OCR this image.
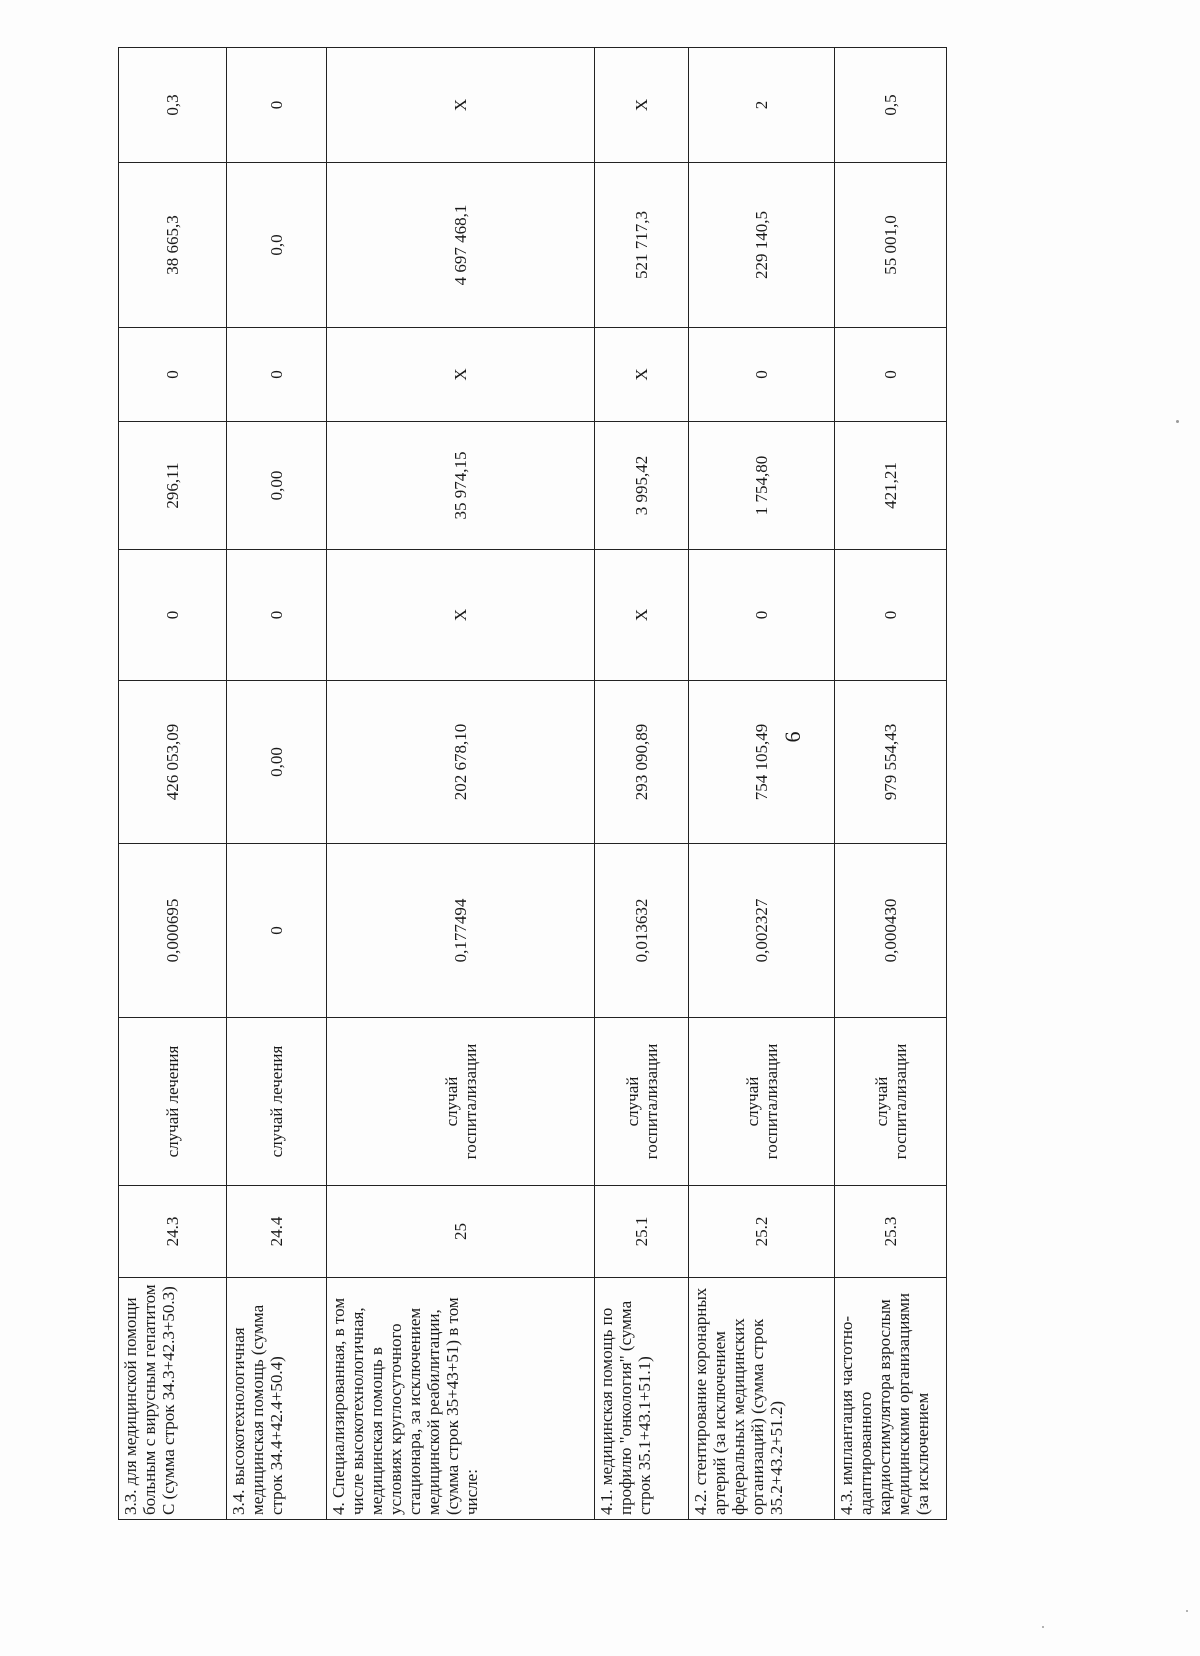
6
3.3. для медицинской помощи больным с вирусным гепатитом С (сумма строк 34.3+42.3+50.3)	24.3	случай лечения	0,000695	426 053,09	0	296,11	0	38 665,3	0,3
3.4. высокотехнологичная медицинская помощь (сумма строк 34.4+42.4+50.4)	24.4	случай лечения	0	0,00	0	0,00	0	0,0	0
4. Специализированная, в том числе высокотехнологичная, медицинская помощь в условиях круглосуточного стационара, за исключением медицинской реабилитации, (сумма строк 35+43+51) в том числе:	25	случай госпитализации	0,177494	202 678,10	X	35 974,15	X	4 697 468,1	X
4.1. медицинская помощь по профилю "онкология" (сумма строк 35.1+43.1+51.1)	25.1	случай госпитализации	0,013632	293 090,89	X	3 995,42	X	521 717,3	X
4.2. стентирование коронарных артерий (за исключением федеральных медицинских организаций) (сумма строк 35.2+43.2+51.2)	25.2	случай госпитализации	0,002327	754 105,49	0	1 754,80	0	229 140,5	2
4.3. имплантация частотно-адаптированного кардиостимулятора взрослым медицинскими организациями (за исключением	25.3	случай госпитализации	0,000430	979 554,43	0	421,21	0	55 001,0	0,5
